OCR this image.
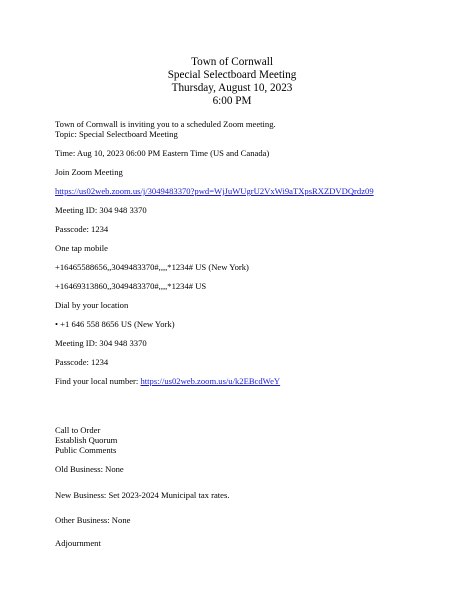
Town of Cornwall
Special Selectboard Meeting
Thursday, August 10, 2023
6:00 PM
Town of Cornwall is inviting you to a scheduled Zoom meeting.
Topic: Special Selectboard Meeting
Time: Aug 10, 2023 06:00 PM Eastern Time (US and Canada)
Join Zoom Meeting
https://us02web.zoom.us/j/3049483370?pwd=WjJuWUgrU2VxWi9aTXpsRXZDVDQrdz09
Meeting ID: 304 948 3370
Passcode: 1234
One tap mobile
+16465588656,,3049483370#,,,,*1234# US (New York)
+16469313860,,3049483370#,,,,*1234# US
Dial by your location
• +1 646 558 8656 US (New York)
Meeting ID: 304 948 3370
Passcode: 1234
Find your local number: https://us02web.zoom.us/u/k2EBcdWeY
Call to Order
Establish Quorum
Public Comments
Old Business: None
New Business: Set 2023-2024 Municipal tax rates.
Other Business: None
Adjournment
